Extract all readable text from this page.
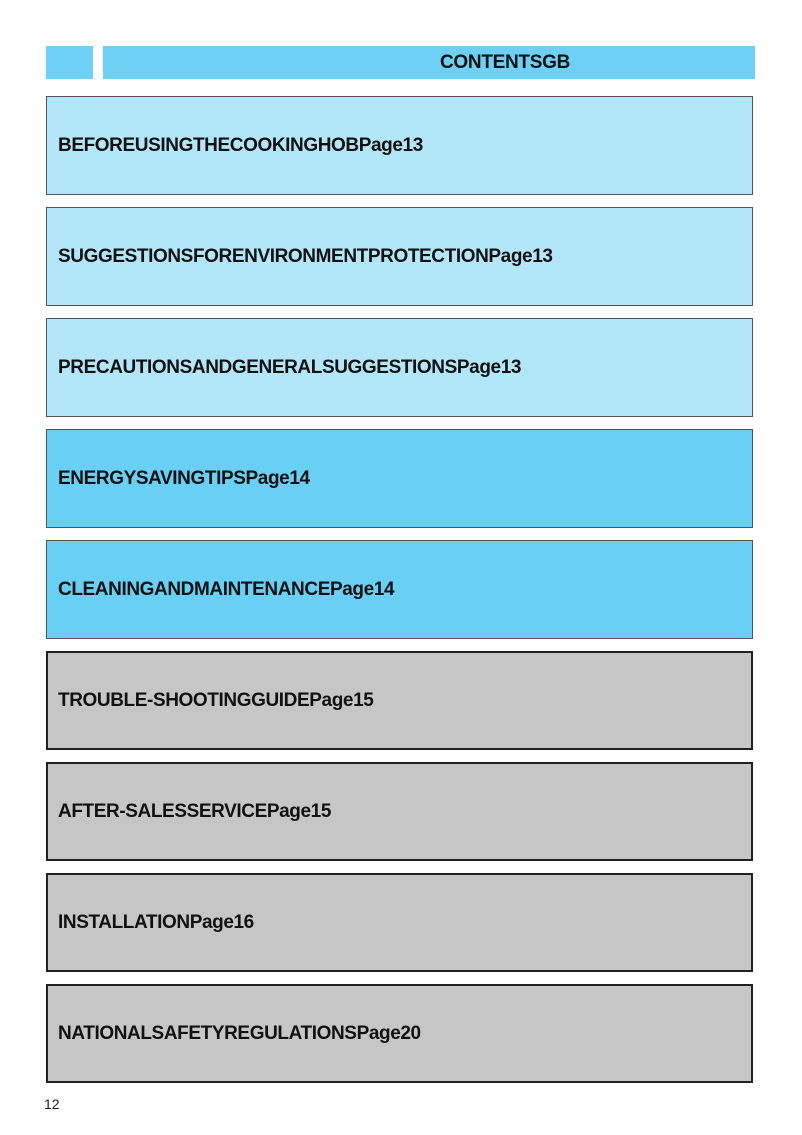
CONTENTSGB
BEFOREUSINGTHECOOKINGHOBPage13
SUGGESTIONSFORENVIRONMENTPROTECTIONPage13
PRECAUTIONSANDGENERALSUGGESTIONSPage13
ENERGYSAVINGTIPSPage14
CLEANINGANDMAINTENANCEPage14
TROUBLE-SHOOTINGGUIDEPage15
AFTER-SALESSERVICEPage15
INSTALLATIONPage16
NATIONALSAFETYREGULATIONSPage20
12
